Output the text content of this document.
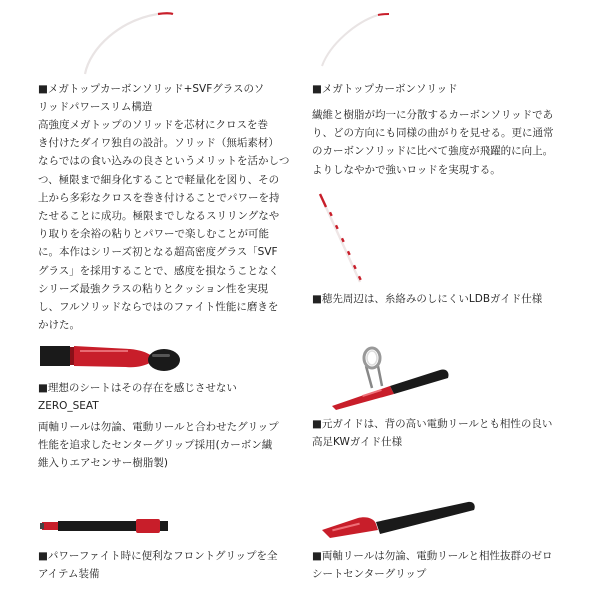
■メガトップカーボンソリッド+SVFグラスのソ
リッドパワースリム構造
高強度メガトップのソリッドを芯材にクロスを巻
き付けたダイワ独自の設計。ソリッド（無垢素材）
ならではの食い込みの良さというメリットを活かしつ
つ、極限まで細身化することで軽量化を図り、その
上から多彩なクロスを巻き付けることでパワーを持
たせることに成功。極限までしなるスリリングなや
り取りを余裕の粘りとパワーで楽しむことが可能
に。本作はシリーズ初となる超高密度グラス「SVF
グラス」を採用することで、感度を損なうことなく
シリーズ最強クラスの粘りとクッション性を実現
し、フルソリッドならではのファイト性能に磨きを
かけた。
■メガトップカーボンソリッド
繊維と樹脂が均一に分散するカーボンソリッドであ
り、どの方向にも同様の曲がりを見せる。更に通常
のカーボンソリッドに比べて強度が飛躍的に向上。
よりしなやかで強いロッドを実現する。
■穂先周辺は、糸絡みのしにくいLDBガイド仕様
■理想のシートはその存在を感じさせない
ZERO_SEAT
両軸リールは勿論、電動リールと合わせたグリップ
性能を追求したセンターグリップ採用(カーボン繊
維入りエアセンサー樹脂製)
■元ガイドは、背の高い電動リールとも相性の良い
高足KWガイド仕様
■パワーファイト時に便利なフロントグリップを全
アイテム装備
■両軸リールは勿論、電動リールと相性抜群のゼロ
シートセンターグリップ
